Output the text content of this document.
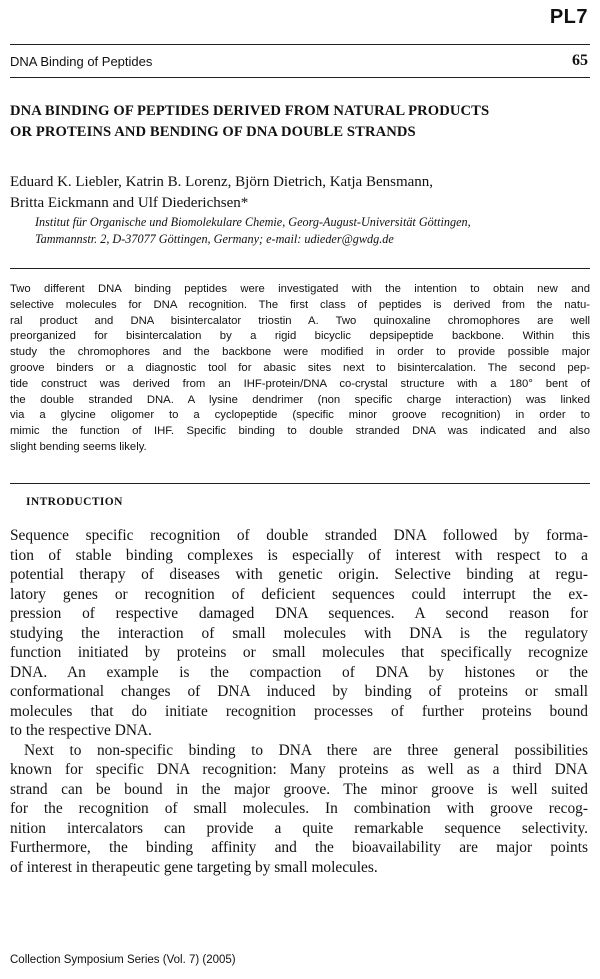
PL7
DNA Binding of Peptides	65
DNA BINDING OF PEPTIDES DERIVED FROM NATURAL PRODUCTS
OR PROTEINS AND BENDING OF DNA DOUBLE STRANDS
Eduard K. Liebler, Katrin B. Lorenz, Björn Dietrich, Katja Bensmann,
Britta Eickmann and Ulf Diederichsen*
Institut für Organische und Biomolekulare Chemie, Georg-August-Universität Göttingen,
Tammannstr. 2, D-37077 Göttingen, Germany; e-mail: udieder@gwdg.de
Two different DNA binding peptides were investigated with the intention to obtain new and
selective molecules for DNA recognition. The first class of peptides is derived from the natu-
ral product and DNA bisintercalator triostin A. Two quinoxaline chromophores are well
preorganized for bisintercalation by a rigid bicyclic depsipeptide backbone. Within this
study the chromophores and the backbone were modified in order to provide possible major
groove binders or a diagnostic tool for abasic sites next to bisintercalation. The second pep-
tide construct was derived from an IHF-protein/DNA co-crystal structure with a 180° bent of
the double stranded DNA. A lysine dendrimer (non specific charge interaction) was linked
via a glycine oligomer to a cyclopeptide (specific minor groove recognition) in order to
mimic the function of IHF. Specific binding to double stranded DNA was indicated and also
slight bending seems likely.
INTRODUCTION
Sequence specific recognition of double stranded DNA followed by forma-
tion of stable binding complexes is especially of interest with respect to a
potential therapy of diseases with genetic origin. Selective binding at regu-
latory genes or recognition of deficient sequences could interrupt the ex-
pression of respective damaged DNA sequences. A second reason for
studying the interaction of small molecules with DNA is the regulatory
function initiated by proteins or small molecules that specifically recognize
DNA. An example is the compaction of DNA by histones or the
conformational changes of DNA induced by binding of proteins or small
molecules that do initiate recognition processes of further proteins bound
to the respective DNA.
Next to non-specific binding to DNA there are three general possibilities
known for specific DNA recognition: Many proteins as well as a third DNA
strand can be bound in the major groove. The minor groove is well suited
for the recognition of small molecules. In combination with groove recog-
nition intercalators can provide a quite remarkable sequence selectivity.
Furthermore, the binding affinity and the bioavailability are major points
of interest in therapeutic gene targeting by small molecules.
Collection Symposium Series (Vol. 7) (2005)
